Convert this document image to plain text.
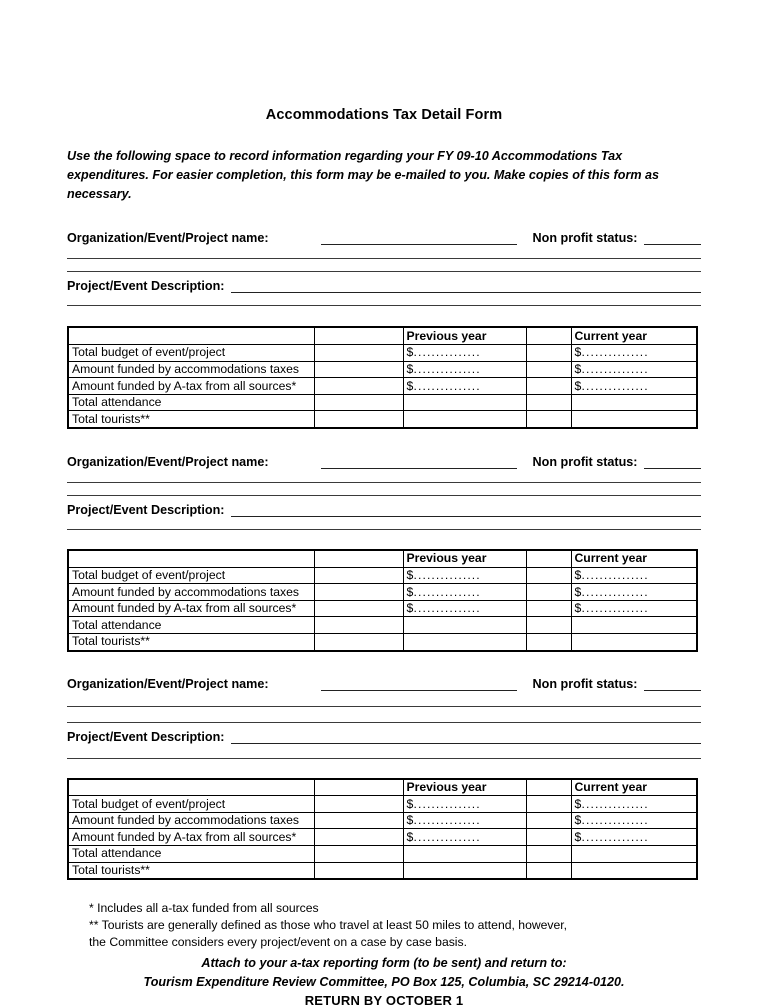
Accommodations Tax Detail Form
Use the following space to record information regarding your FY 09-10 Accommodations Tax expenditures. For easier completion, this form may be e-mailed to you. Make copies of this form as necessary.
Organization/Event/Project name:	Non profit status:
Project/Event Description:
		Previous year		Current year
Total budget of event/project		$...............		$...............
Amount funded by accommodations taxes		$...............		$...............
Amount funded by A-tax from all sources*		$...............		$...............
Total attendance				
Total tourists**				
Organization/Event/Project name:	Non profit status:
Project/Event Description:
		Previous year		Current year
Total budget of event/project		$...............		$...............
Amount funded by accommodations taxes		$...............		$...............
Amount funded by A-tax from all sources*		$...............		$...............
Total attendance				
Total tourists**				
Organization/Event/Project name:	Non profit status:
Project/Event Description:
		Previous year		Current year
Total budget of event/project		$...............		$...............
Amount funded by accommodations taxes		$...............		$...............
Amount funded by A-tax from all sources*		$...............		$...............
Total attendance				
Total tourists**				
* Includes all a-tax funded from all sources
** Tourists are generally defined as those who travel at least 50 miles to attend, however,
the Committee considers every project/event on a case by case basis.
Attach to your a-tax reporting form (to be sent) and return to:
Tourism Expenditure Review Committee, PO Box 125, Columbia, SC 29214-0120.
RETURN BY OCTOBER 1
